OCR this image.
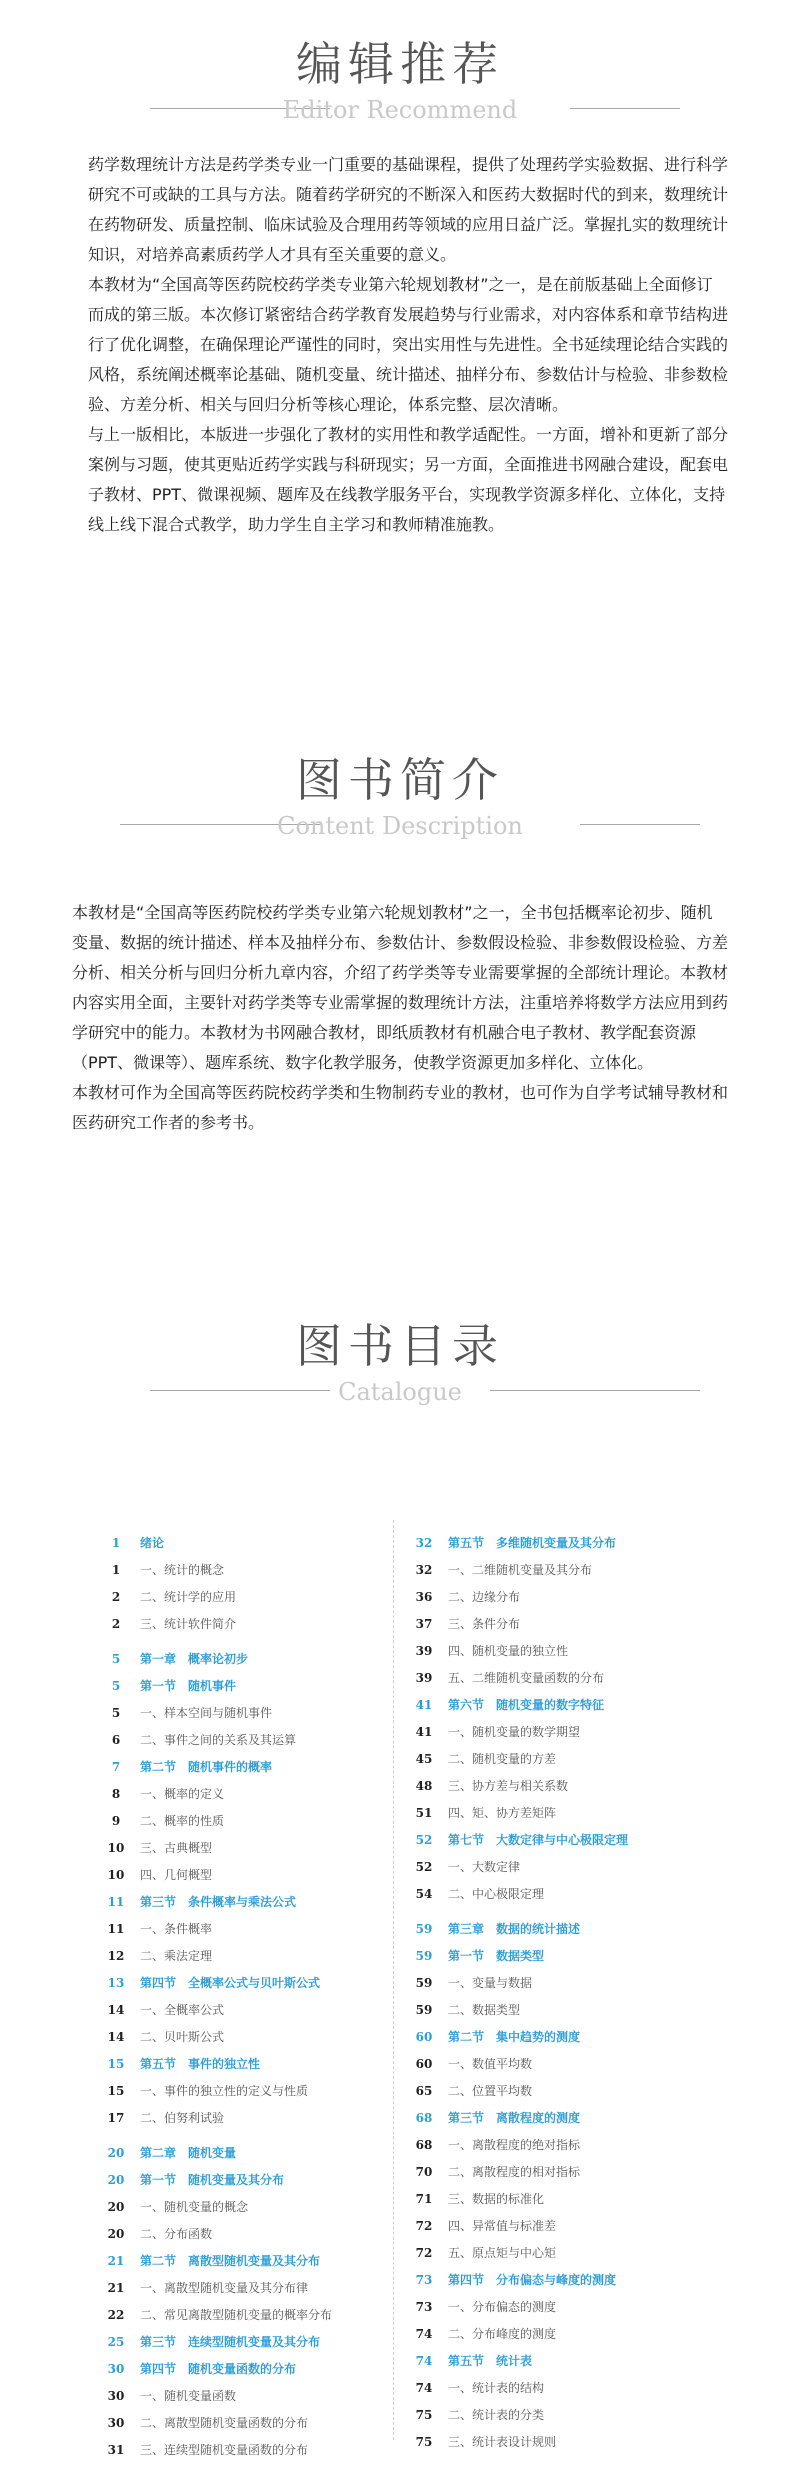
编辑推荐
Editor Recommend

药学数理统计方法是药学类专业一门重要的基础课程，提供了处理药学实验数据、进行科学研究不可或缺的工具与方法。随着药学研究的不断深入和医药大数据时代的到来，数理统计在药物研发、质量控制、临床试验及合理用药等领域的应用日益广泛。掌握扎实的数理统计知识，对培养高素质药学人才具有至关重要的意义。

本教材为“全国高等医药院校药学类专业第六轮规划教材”之一，是在前版基础上全面修订而成的第三版。本次修订紧密结合药学教育发展趋势与行业需求，对内容体系和章节结构进行了优化调整，在确保理论严谨性的同时，突出实用性与先进性。全书延续理论结合实践的风格，系统阐述概率论基础、随机变量、统计描述、抽样分布、参数估计与检验、非参数检验、方差分析、相关与回归分析等核心理论，体系完整、层次清晰。

与上一版相比，本版进一步强化了教材的实用性和教学适配性。一方面，增补和更新了部分案例与习题，使其更贴近药学实践与科研现实；另一方面，全面推进书网融合建设，配套电子教材、PPT、微课视频、题库及在线教学服务平台，实现教学资源多样化、立体化，支持线上线下混合式教学，助力学生自主学习和教师精准施教。

图书简介
Content Description

本教材是“全国高等医药院校药学类专业第六轮规划教材”之一，全书包括概率论初步、随机变量、数据的统计描述、样本及抽样分布、参数估计、参数假设检验、非参数假设检验、方差分析、相关分析与回归分析九章内容，介绍了药学类等专业需要掌握的全部统计理论。本教材内容实用全面，主要针对药学类等专业需掌握的数理统计方法，注重培养将数学方法应用到药学研究中的能力。本教材为书网融合教材，即纸质教材有机融合电子教材、教学配套资源（PPT、微课等）、题库系统、数字化教学服务，使教学资源更加多样化、立体化。

本教材可作为全国高等医药院校药学类和生物制药专业的教材，也可作为自学考试辅导教材和医药研究工作者的参考书。

图书目录
Catalogue
1	绪论
1	一、统计的概念
2	二、统计学的应用
2	三、统计软件简介
5	第一章　概率论初步
5	第一节　随机事件
5	一、样本空间与随机事件
6	二、事件之间的关系及其运算
7	第二节　随机事件的概率
8	一、概率的定义
9	二、概率的性质
10	三、古典概型
10	四、几何概型
11	第三节　条件概率与乘法公式
11	一、条件概率
12	二、乘法定理
13	第四节　全概率公式与贝叶斯公式
14	一、全概率公式
14	二、贝叶斯公式
15	第五节　事件的独立性
15	一、事件的独立性的定义与性质
17	二、伯努利试验
20	第二章　随机变量
20	第一节　随机变量及其分布
20	一、随机变量的概念
20	二、分布函数
21	第二节　离散型随机变量及其分布
21	一、离散型随机变量及其分布律
22	二、常见离散型随机变量的概率分布
25	第三节　连续型随机变量及其分布
30	第四节　随机变量函数的分布
30	一、随机变量函数
30	二、离散型随机变量函数的分布
31	三、连续型随机变量函数的分布
32	第五节　多维随机变量及其分布
32	一、二维随机变量及其分布
36	二、边缘分布
37	三、条件分布
39	四、随机变量的独立性
39	五、二维随机变量函数的分布
41	第六节　随机变量的数字特征
41	一、随机变量的数学期望
45	二、随机变量的方差
48	三、协方差与相关系数
51	四、矩、协方差矩阵
52	第七节　大数定律与中心极限定理
52	一、大数定律
54	二、中心极限定理
59	第三章　数据的统计描述
59	第一节　数据类型
59	一、变量与数据
59	二、数据类型
60	第二节　集中趋势的测度
60	一、数值平均数
65	二、位置平均数
68	第三节　离散程度的测度
68	一、离散程度的绝对指标
70	二、离散程度的相对指标
71	三、数据的标准化
72	四、异常值与标准差
72	五、原点矩与中心矩
73	第四节　分布偏态与峰度的测度
73	一、分布偏态的测度
74	二、分布峰度的测度
74	第五节　统计表
74	一、统计表的结构
75	二、统计表的分类
75	三、统计表设计规则
